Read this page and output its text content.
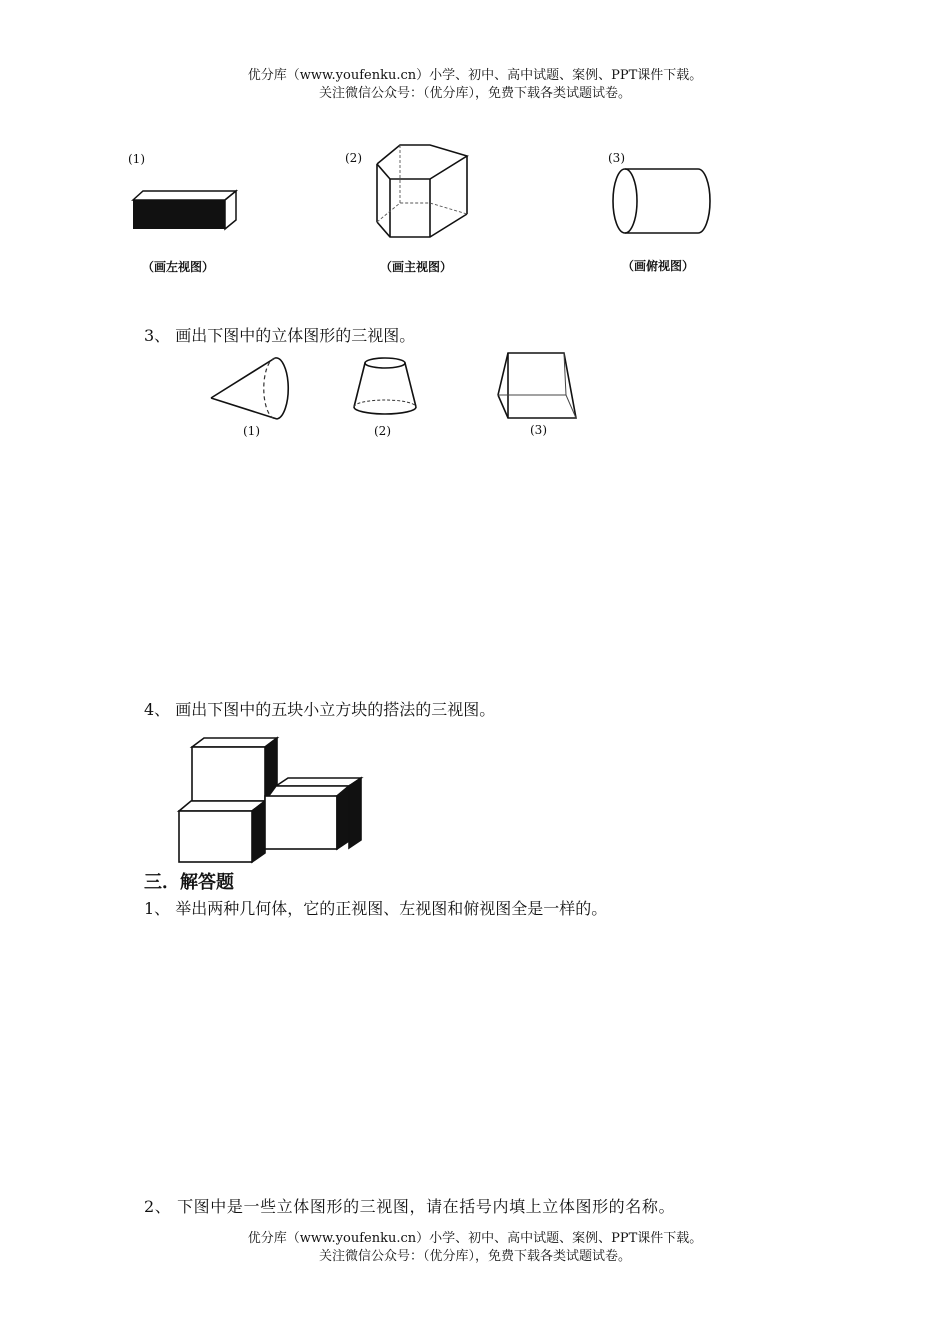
优分库（www.youfenku.cn）小学、初中、高中试题、案例、PPT课件下载。
关注微信公众号：（优分库），免费下载各类试题试卷。
(1)
（画左视图）
(2)
（画主视图）
(3)
（画俯视图）
3、 画出下图中的立体图形的三视图。
(1)	(2)	(3)
4、 画出下图中的五块小立方块的搭法的三视图。
三．解答题
1、 举出两种几何体，它的正视图、左视图和俯视图全是一样的。
2、 下图中是一些立体图形的三视图，请在括号内填上立体图形的名称。
优分库（www.youfenku.cn）小学、初中、高中试题、案例、PPT课件下载。
关注微信公众号：（优分库），免费下载各类试题试卷。
